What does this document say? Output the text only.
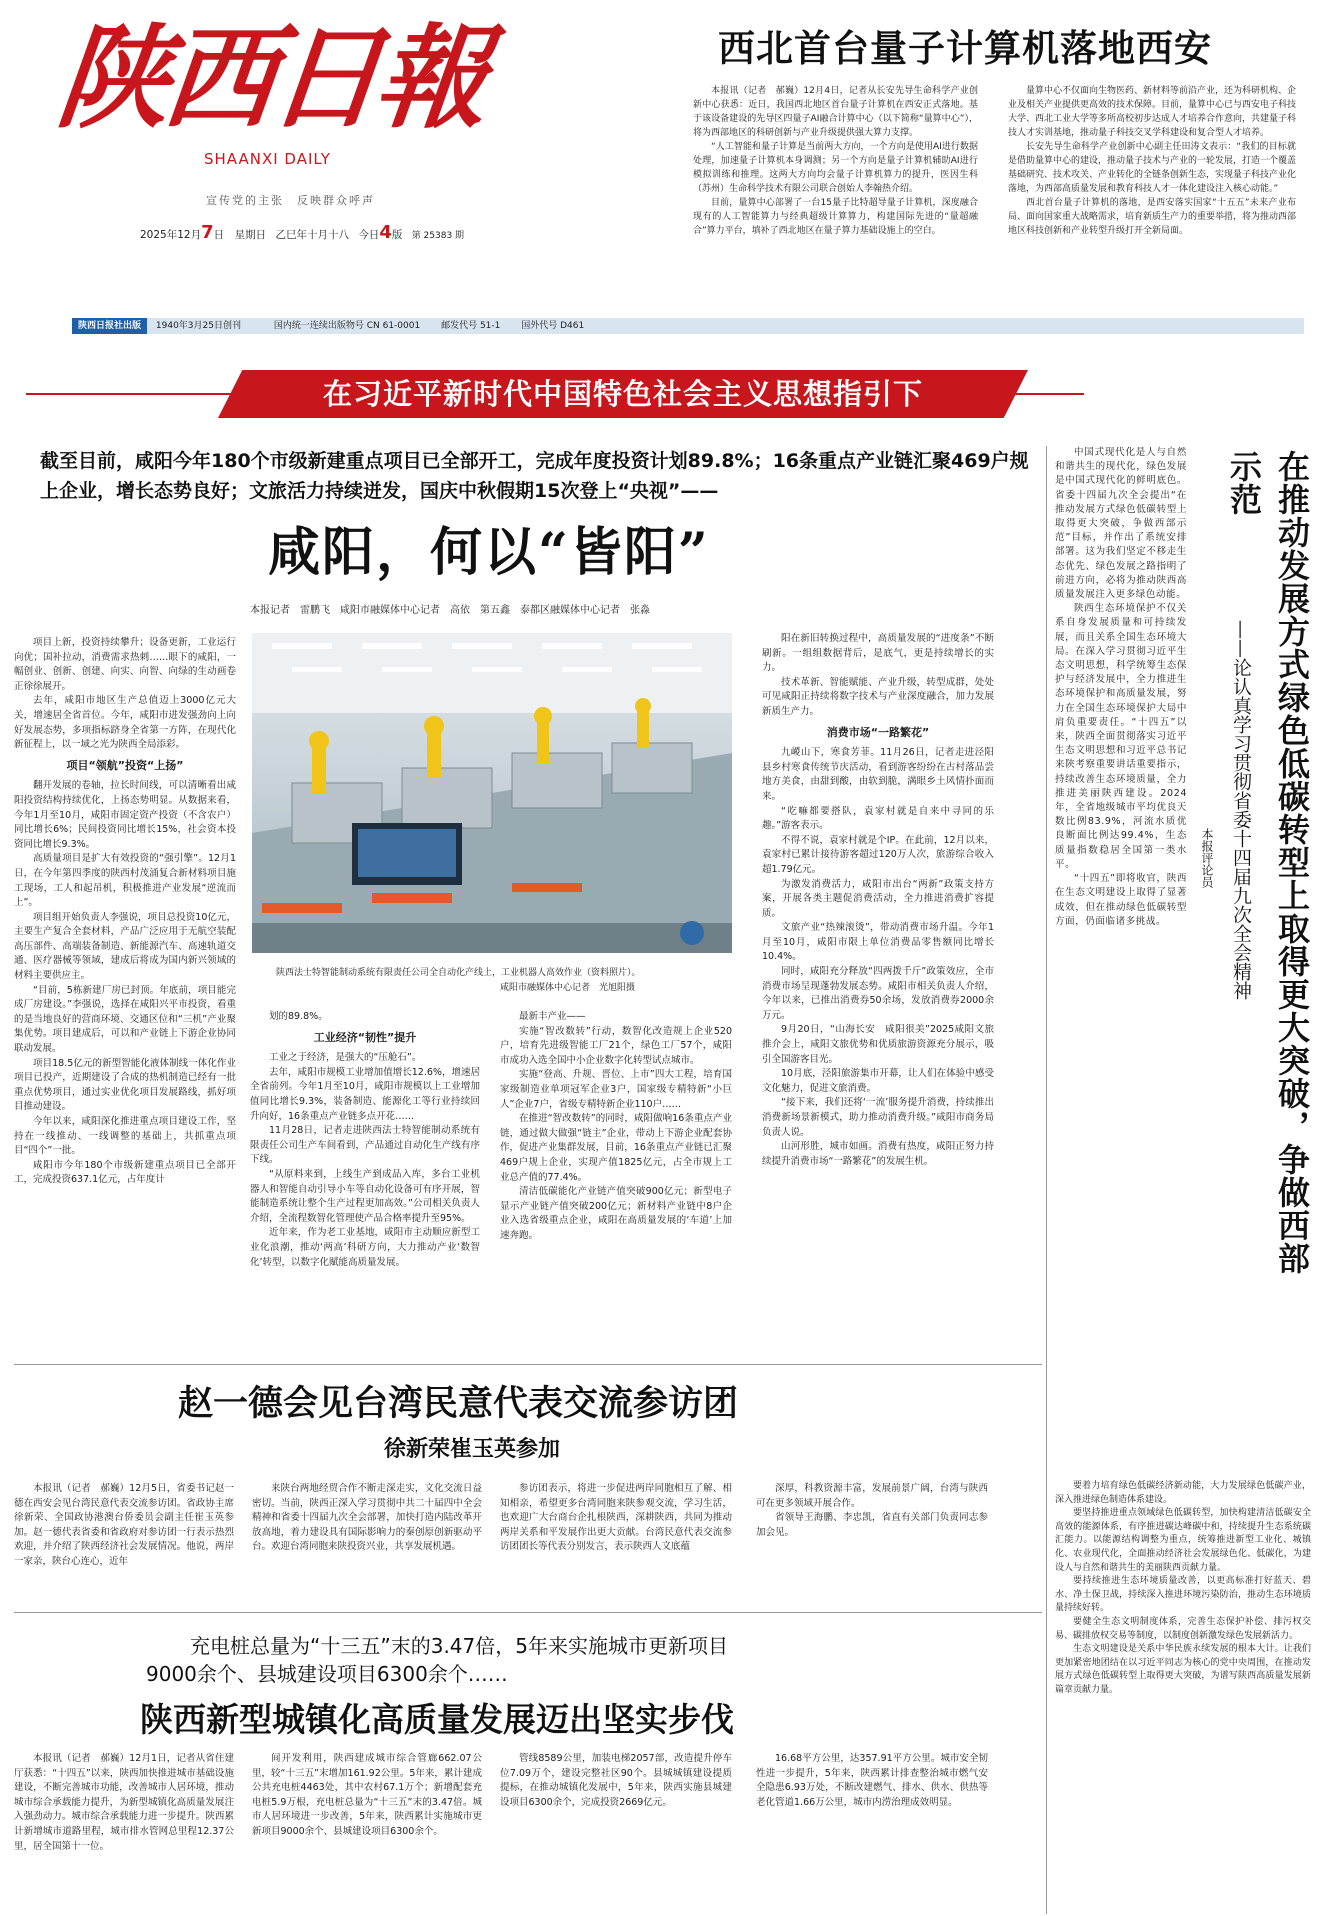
陕西日報
SHAANXI DAILY
宣传党的主张　反映群众呼声
2025年12月7日　星期日 乙巳年十月十八 今日4版 第 25383 期
西北首台量子计算机落地西安

本报讯（记者　郝巍）12月4日，记者从长安先导生命科学产业创新中心获悉：近日，我国西北地区首台量子计算机在西安正式落地。基于该设备建设的先导区四量子AI融合计算中心（以下简称“量算中心”），将为西部地区的科研创新与产业升级提供强大算力支撑。

“人工智能和量子计算是当前两大方向，一个方向是使用AI进行数据处理，加速量子计算机本身调测；另一个方向是量子计算机辅助AI进行模拟训练和推理。这两大方向均会量子计算机算力的提升，医因生科（苏州）生命科学技术有限公司联合创始人李翰热介绍。

目前，量算中心部署了一台15量子比特超导量子计算机，深度融合现有的人工智能算力与经典超级计算算力，构建国际先进的“量超融合”算力平台，填补了西北地区在量子算力基础设施上的空白。

量算中心不仅面向生物医药、新材料等前沿产业，还为科研机构、企业及相关产业提供更高效的技术保障。目前，量算中心已与西安电子科技大学、西北工业大学等多所高校初步达成人才培养合作意向，共建量子科技人才实训基地，推动量子科技交叉学科建设和复合型人才培养。

长安先导生命科学产业创新中心副主任田涛文表示：“我们的目标就是借助量算中心的建设，推动量子技术与产业的一轮发展，打造一个覆盖基础研究、技术攻关、产业转化的全链条创新生态，实现量子科技产业化落地，为西部高质量发展和教育科技人才一体化建设注入核心动能。”

西北首台量子计算机的落地，是西安落实国家“十五五”未来产业布局、面向国家重大战略需求，培育新质生产力的重要举措，将为推动西部地区科技创新和产业转型升级打开全新局面。

陕西日报社出版 1940年3月25日创刊	国内统一连续出版物号 CN 61-0001 邮发代号 51-1 国外代号 D461
在习近平新时代中国特色社会主义思想指引下
截至目前，咸阳今年180个市级新建重点项目已全部开工，完成年度投资计划89.8%；16条重点产业链汇聚469户规上企业，增长态势良好；文旅活力持续迸发，国庆中秋假期15次登上“央视”——
咸阳，何以“皆阳”
本报记者　雷鹏飞　咸阳市融媒体中心记者　高依　第五鑫　泰都区融媒体中心记者　张淼
陕西法士特智能制动系统有限责任公司全自动化产线上，工业机器人高效作业（资料照片）。
咸阳市融媒体中心记者　光旭阳摄

项目上新，投资持续攀升；设备更新，工业运行向优；国补拉动，消费需求热刺……眼下的咸阳，一幅创业、创新、创建、向实、向智、向绿的生动画卷正徐徐展开。

去年，咸阳市地区生产总值迈上3000亿元大关，增速居全省首位。今年，咸阳市进发强劲向上向好发展态势，多项指标跻身全省第一方阵，在现代化新征程上，以一域之光为陕西全局添彩。

项目“领航”投资“上扬”

翻开发展的卷轴，拉长时间线，可以清晰看出咸阳投资结构持续优化，上扬态势明显。从数据来看，今年1月至10月，咸阳市固定资产投资（不含农户）同比增长6%；民间投资同比增长15%，社会资本投资同比增长9.3%。

高质量项目是扩大有效投资的“强引擎”。12月1日，在今年第四季度的陕西村茂涌复合新材料项目施工现场，工人和起吊机，积极推进产业发展“逆流而上”。

项目组开始负责人李强说，项目总投资10亿元，主要生产复合全套材料，产品广泛应用于无航空装配高压部件、高端装备制造、新能源汽车、高速轨道交通、医疗器械等领域，建成后将成为国内新兴领域的材料主要供应主。

“目前，5栋新建厂房已封顶。年底前，项目能完成厂房建设。”李强说，选择在咸阳兴平市投资，看重的是当地良好的营商环境、交通区位和“三机”产业聚集优势。项目建成后，可以和产业链上下游企业协同联动发展。

项目18.5亿元的新型智能化液体制线一体化作业项目已投产，近期建设了合成的热机制造已经有一批重点优势项目，通过实业优化项目发展路线，抓好项目推动建设。

今年以来，咸阳深化推进重点项目建设工作，坚持在一线推动、一线调整的基础上，共抓重点项目“四个”一批。

咸阳市今年180个市级新建重点项目已全部开工，完成投资637.1亿元，占年度计

划的89.8%。

工业经济“韧性”提升

工业之于经济，是强大的“压舱石”。

去年，咸阳市规模工业增加值增长12.6%，增速居全省前列。今年1月至10月，咸阳市规模以上工业增加值同比增长9.3%，装备制造、能源化工等行业持续回升向好，16条重点产业链多点开花……

11月28日，记者走进陕西法士特智能制动系统有限责任公司生产车间看到，产品通过自动化生产线有序下线。

“从原料来到，上线生产到成品入库，多台工业机器人和智能自动引导小车等自动化设备可有序开展，智能制造系统让整个生产过程更加高效。”公司相关负责人介绍，全流程数智化管理使产品合格率提升至95%。

近年来，作为老工业基地，咸阳市主动顺应新型工业化浪潮，推动‘两高’科研方向，大力推动产业‘数智化’转型，以数字化赋能高质量发展。

最新丰产业——

实施“智改数转”行动，数智化改造规上企业520户，培育先进级智能工厂21个，绿色工厂57个，咸阳市成功入选全国中小企业数字化转型试点城市。

实施“登高、升规、晋位、上市”四大工程，培育国家级制造业单项冠军企业3户，国家级专精特新“小巨人”企业7户，省级专精特新企业110户……

在推进“智改数转”的同时，咸阳做响16条重点产业链，通过做大做强“链主”企业，带动上下游企业配套协作，促进产业集群发展，目前，16条重点产业链已汇聚469户规上企业，实现产值1825亿元，占全市规上工业总产值的77.4%。

清洁低碳能化产业链产值突破900亿元；新型电子显示产业链产值突破200亿元；新材料产业链中8户企业入选省级重点企业，咸阳在高质量发展的‘车道’上加速奔跑。

阳在新旧转换过程中，高质量发展的“进度条”不断刷新。一组组数据背后，是底气，更是持续增长的实力。

技术革新、智能赋能、产业升级，转型成群，处处可见咸阳正持续将数字技术与产业深度融合，加力发展新质生产力。

消费市场“一路繁花”

九嵕山下，寒食芳菲。11月26日，记者走进泾阳县乡村寒食传统节庆活动，看到游客纷纷在古村落品尝地方美食，由甜到酸，由软到脆，满眼乡土风情扑面而来。

“吃嘛都要搭队，袁家村就是自来中寻同的乐趣。”游客表示。

不得不说，袁家村就是个IP。在此前，12月以来，袁家村已累计接待游客超过120万人次，旅游综合收入超1.79亿元。

为激发消费活力，咸阳市出台“两新”政策支持方案，开展各类主题促消费活动，全力推进消费扩容提质。

文旅产业“热辣滚烫”，带动消费市场升温。今年1月至10月，咸阳市限上单位消费品零售额同比增长10.4%。

同时，咸阳充分释放“四两拨千斤”政策效应，全市消费市场呈现蓬勃发展态势。咸阳市相关负责人介绍，今年以来，已推出消费券50余场，发放消费券2000余万元。

9月20日，“山海长安　咸阳很美”2025咸阳文旅推介会上，咸阳文旅优势和优质旅游资源充分展示，吸引全国游客目光。

10月底，泾阳旅游集市开幕，让人们在体验中感受文化魅力，促进文旅消费。

“接下来，我们还将‘一流’服务提升消费，持续推出消费新场景新模式，助力推动消费升级。”咸阳市商务局负责人说。

山河形胜，城市如画。消费有热度，咸阳正努力持续提升消费市场“一路繁花”的发展生机。	在推动发展方式绿色低碳转型上取得更大突破，争做西部示范
——论认真学习贯彻省委十四届九次全会精神
本报评论员

中国式现代化是人与自然和谐共生的现代化，绿色发展是中国式现代化的鲜明底色。省委十四届九次全会提出“在推动发展方式绿色低碳转型上取得更大突破，争做西部示范”目标，并作出了系统安排部署。这为我们坚定不移走生态优先、绿色发展之路指明了前进方向，必将为推动陕西高质量发展注入更多绿色动能。

陕西生态环境保护不仅关系自身发展质量和可持续发展，而且关系全国生态环境大局。在深入学习贯彻习近平生态文明思想，科学统筹生态保护与经济发展中，全力推进生态环境保护和高质量发展，努力在全国生态环境保护大局中肩负重要责任。“十四五”以来，陕西全面贯彻落实习近平生态文明思想和习近平总书记来陕考察重要讲话重要指示，持续改善生态环境质量，全力推进美丽陕西建设。2024年，全省地级城市平均优良天数比例83.9%，河流水质优良断面比例达99.4%，生态质量指数稳居全国第一类水平。

“十四五”即将收官，陕西在生态文明建设上取得了显著成效，但在推动绿色低碳转型方面，仍面临诸多挑战。

要着力培育绿色低碳经济新动能，大力发展绿色低碳产业，深入推进绿色制造体系建设。

要坚持推进重点领域绿色低碳转型，加快构建清洁低碳安全高效的能源体系，有序推进碳达峰碳中和，持续提升生态系统碳汇能力。以能源结构调整为重点，统筹推进新型工业化、城镇化、农业现代化，全面推动经济社会发展绿色化、低碳化，为建设人与自然和谐共生的美丽陕西贡献力量。

要持续推进生态环境质量改善，以更高标准打好蓝天、碧水、净土保卫战，持续深入推进环境污染防治，推动生态环境质量持续好转。

要健全生态文明制度体系，完善生态保护补偿、排污权交易、碳排放权交易等制度，以制度创新激发绿色发展新活力。

生态文明建设是关系中华民族永续发展的根本大计。让我们更加紧密地团结在以习近平同志为核心的党中央周围，在推动发展方式绿色低碳转型上取得更大突破，为谱写陕西高质量发展新篇章贡献力量。

赵一德会见台湾民意代表交流参访团
徐新荣崔玉英参加

本报讯（记者　郝巍）12月5日，省委书记赵一德在西安会见台湾民意代表交流参访团。省政协主席徐新荣、全国政协港澳台侨委员会副主任崔玉英参加。赵一德代表省委和省政府对参访团一行表示热烈欢迎，并介绍了陕西经济社会发展情况。他说，两岸一家亲，陕台心连心，近年

来陕台两地经贸合作不断走深走实，文化交流日益密切。当前，陕西正深入学习贯彻中共二十届四中全会精神和省委十四届九次全会部署，加快打造内陆改革开放高地，着力建设具有国际影响力的秦创原创新驱动平台。欢迎台湾同胞来陕投资兴业，共享发展机遇。

参访团表示，将进一步促进两岸同胞相互了解、相知相亲，希望更多台湾同胞来陕参观交流，学习生活，也欢迎广大台商台企扎根陕西，深耕陕西，共同为推动两岸关系和平发展作出更大贡献。台湾民意代表交流参访团团长等代表分别发言，表示陕西人文底蕴

深厚，科教资源丰富，发展前景广阔，台湾与陕西可在更多领域开展合作。

省领导王海鹏、李忠凯，省直有关部门负责同志参加会见。

充电桩总量为“十三五”末的3.47倍，5年来实施城市更新项目
9000余个、县城建设项目6300余个……
陕西新型城镇化高质量发展迈出坚实步伐

本报讯（记者　郝巍）12月1日，记者从省住建厅获悉：“十四五”以来，陕西加快推进城市基础设施建设，不断完善城市功能，改善城市人居环境，推动城市综合承载能力提升，为新型城镇化高质量发展注入强劲动力。城市综合承载能力进一步提升。陕西累计新增城市道路里程，城市排水管网总里程12.37公里，居全国第十一位。

间开发利用，陕西建成城市综合管廊662.07公里，较“十三五”末增加161.92公里。5年来，累计建成公共充电桩4463处，其中农村67.1万个；新增配套充电桩5.9万根，充电桩总量为“十三五”末的3.47倍。城市人居环境进一步改善，5年来，陕西累计实施城市更新项目9000余个、县城建设项目6300余个。

管线8589公里，加装电梯2057部，改造提升停车位7.09万个，建设完整社区90个。县城城镇建设提质提标，在推动城镇化发展中，5年来，陕西实施县城建设项目6300余个，完成投资2669亿元。

16.68平方公里，达357.91平方公里。城市安全韧性进一步提升，5年来，陕西累计排查整治城市燃气安全隐患6.93万处，不断改建燃气、排水、供水、供热等老化管道1.66万公里，城市内涝治理成效明显。
